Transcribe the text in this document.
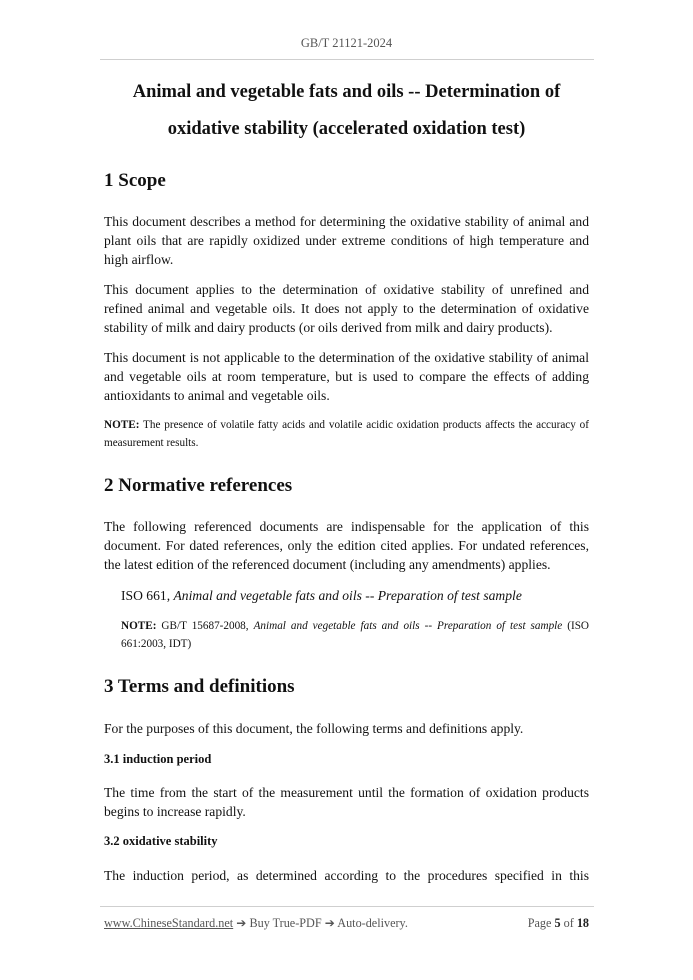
GB/T 21121-2024
Animal and vegetable fats and oils -- Determination of
oxidative stability (accelerated oxidation test)
1 Scope

This document describes a method for determining the oxidative stability of animal and plant oils that are rapidly oxidized under extreme conditions of high temperature and high airflow.

This document applies to the determination of oxidative stability of unrefined and refined animal and vegetable oils. It does not apply to the determination of oxidative stability of milk and dairy products (or oils derived from milk and dairy products).

This document is not applicable to the determination of the oxidative stability of animal and vegetable oils at room temperature, but is used to compare the effects of adding antioxidants to animal and vegetable oils.

NOTE: The presence of volatile fatty acids and volatile acidic oxidation products affects the accuracy of measurement results.

2 Normative references

The following referenced documents are indispensable for the application of this document. For dated references, only the edition cited applies. For undated references, the latest edition of the referenced document (including any amendments) applies.

ISO 661, Animal and vegetable fats and oils -- Preparation of test sample

NOTE: GB/T 15687-2008, Animal and vegetable fats and oils -- Preparation of test sample (ISO 661:2003, IDT)

3 Terms and definitions

For the purposes of this document, the following terms and definitions apply.

3.1 induction period

The time from the start of the measurement until the formation of oxidation products begins to increase rapidly.

3.2 oxidative stability

The induction period, as determined according to the procedures specified in this

www.ChineseStandard.net ➔ Buy True-PDF ➔ Auto-delivery.	Page 5 of 18
